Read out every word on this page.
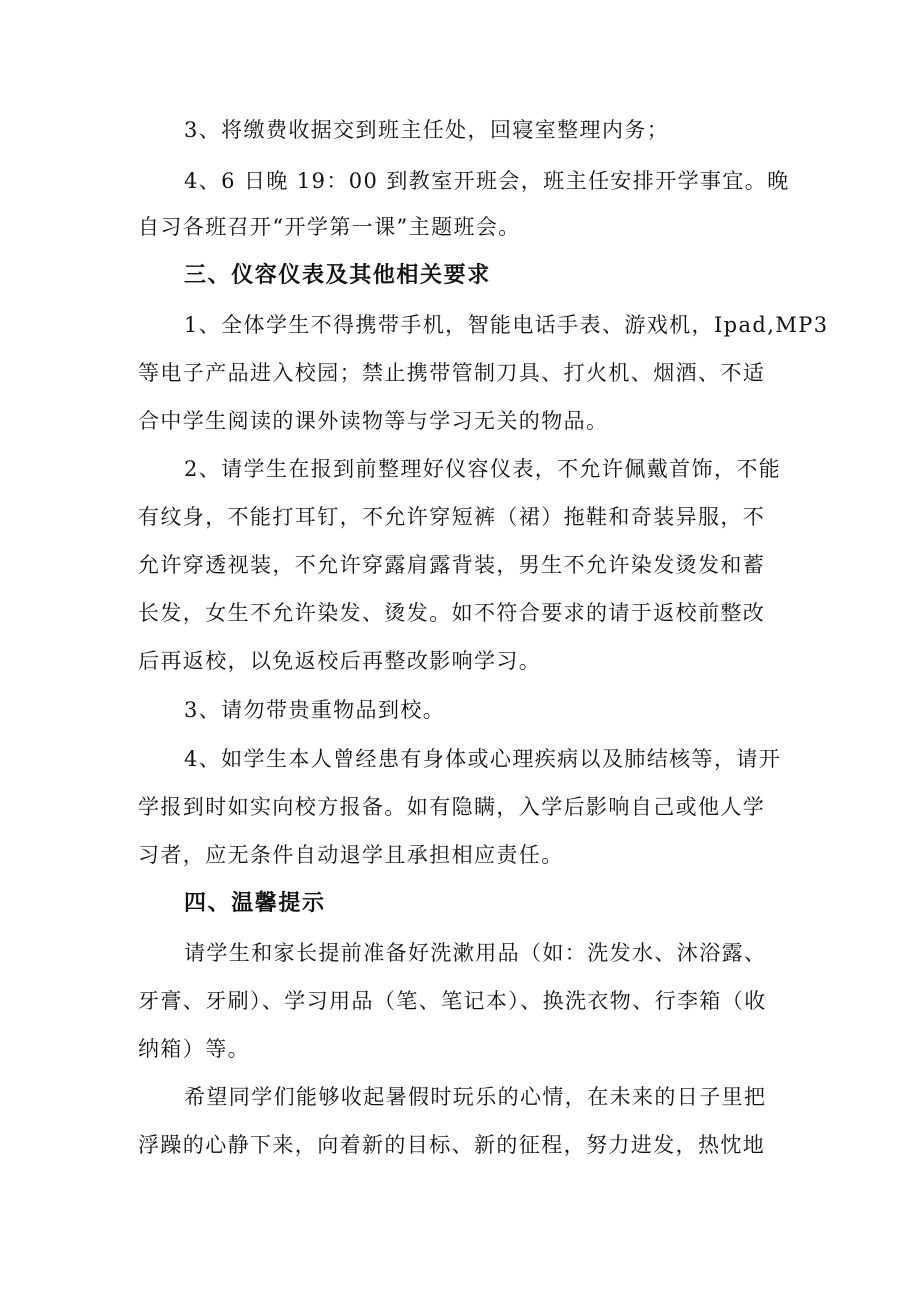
3、将缴费收据交到班主任处，回寝室整理内务；
4、6 日晚 19：00 到教室开班会，班主任安排开学事宜。晚
自习各班召开“开学第一课”主题班会。
三、仪容仪表及其他相关要求
1、全体学生不得携带手机，智能电话手表、游戏机，Ipad,MP3
等电子产品进入校园；禁止携带管制刀具、打火机、烟酒、不适
合中学生阅读的课外读物等与学习无关的物品。
2、请学生在报到前整理好仪容仪表，不允许佩戴首饰，不能
有纹身，不能打耳钉，不允许穿短裤（裙）拖鞋和奇装异服，不
允许穿透视装，不允许穿露肩露背装，男生不允许染发烫发和蓄
长发，女生不允许染发、烫发。如不符合要求的请于返校前整改
后再返校，以免返校后再整改影响学习。
3、请勿带贵重物品到校。
4、如学生本人曾经患有身体或心理疾病以及肺结核等，请开
学报到时如实向校方报备。如有隐瞒，入学后影响自己或他人学
习者，应无条件自动退学且承担相应责任。
四、温馨提示
请学生和家长提前准备好洗漱用品（如：洗发水、沐浴露、
牙膏、牙刷）、学习用品（笔、笔记本）、换洗衣物、行李箱（收
纳箱）等。
希望同学们能够收起暑假时玩乐的心情，在未来的日子里把
浮躁的心静下来，向着新的目标、新的征程，努力进发，热忱地
